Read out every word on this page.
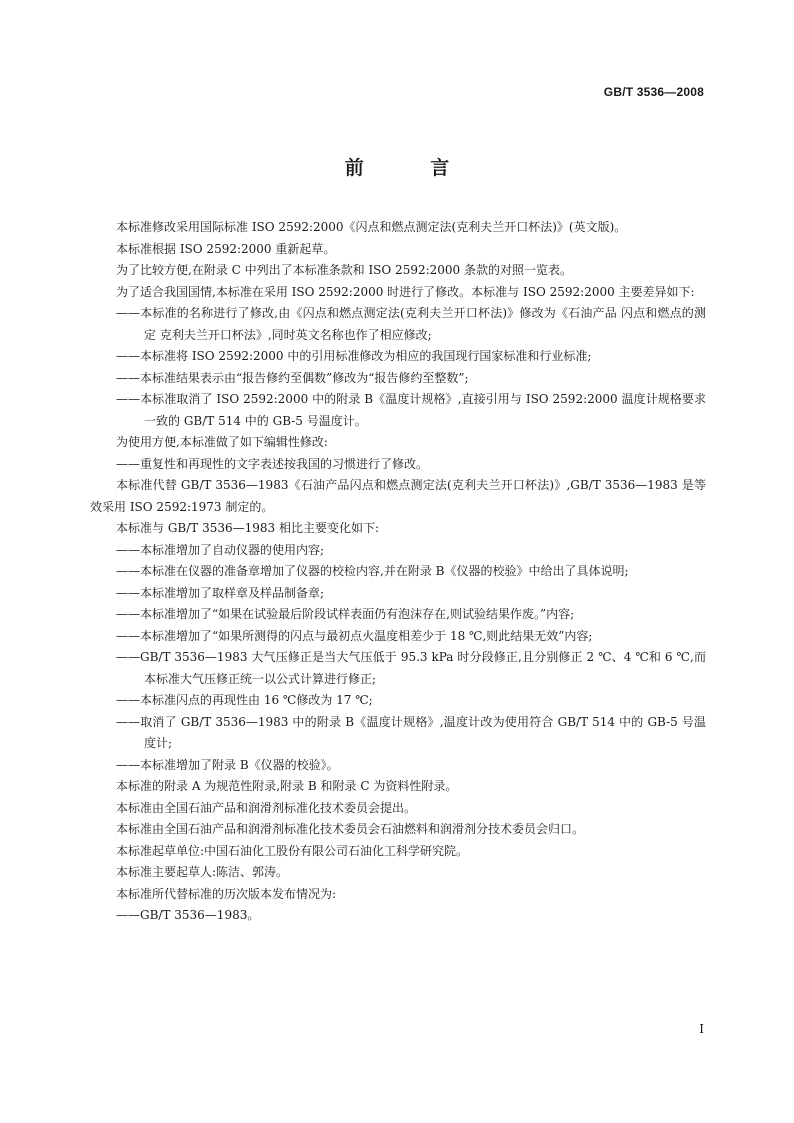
GB/T 3536—2008
前 言
本标准修改采用国际标准 ISO 2592:2000《闪点和燃点测定法(克利夫兰开口杯法)》(英文版)。
本标准根据 ISO 2592:2000 重新起草。
为了比较方便,在附录 C 中列出了本标准条款和 ISO 2592:2000 条款的对照一览表。
为了适合我国国情,本标准在采用 ISO 2592:2000 时进行了修改。本标准与 ISO 2592:2000 主要差异如下:
——本标准的名称进行了修改,由《闪点和燃点测定法(克利夫兰开口杯法)》修改为《石油产品 闪点和燃点的测定 克利夫兰开口杯法》,同时英文名称也作了相应修改;
——本标准将 ISO 2592:2000 中的引用标准修改为相应的我国现行国家标准和行业标准;
——本标准结果表示由“报告修约至偶数”修改为“报告修约至整数”;
——本标准取消了 ISO 2592:2000 中的附录 B《温度计规格》,直接引用与 ISO 2592:2000 温度计规格要求一致的 GB/T 514 中的 GB-5 号温度计。
为使用方便,本标准做了如下编辑性修改:
——重复性和再现性的文字表述按我国的习惯进行了修改。
本标准代替 GB/T 3536—1983《石油产品闪点和燃点测定法(克利夫兰开口杯法)》,GB/T 3536—1983 是等效采用 ISO 2592:1973 制定的。
本标准与 GB/T 3536—1983 相比主要变化如下:
——本标准增加了自动仪器的使用内容;
——本标准在仪器的准备章增加了仪器的校检内容,并在附录 B《仪器的校验》中给出了具体说明;
——本标准增加了取样章及样品制备章;
——本标准增加了“如果在试验最后阶段试样表面仍有泡沫存在,则试验结果作废。”内容;
——本标准增加了“如果所测得的闪点与最初点火温度相差少于 18 ℃,则此结果无效”内容;
——GB/T 3536—1983 大气压修正是当大气压低于 95.3 kPa 时分段修正,且分别修正 2 ℃、4 ℃和 6 ℃,而本标准大气压修正统一以公式计算进行修正;
——本标准闪点的再现性由 16 ℃修改为 17 ℃;
——取消了 GB/T 3536—1983 中的附录 B《温度计规格》,温度计改为使用符合 GB/T 514 中的 GB-5 号温度计;
——本标准增加了附录 B《仪器的校验》。
本标准的附录 A 为规范性附录,附录 B 和附录 C 为资料性附录。
本标准由全国石油产品和润滑剂标准化技术委员会提出。
本标准由全国石油产品和润滑剂标准化技术委员会石油燃料和润滑剂分技术委员会归口。
本标准起草单位:中国石油化工股份有限公司石油化工科学研究院。
本标准主要起草人:陈洁、郭涛。
本标准所代替标准的历次版本发布情况为:
——GB/T 3536—1983。
I
